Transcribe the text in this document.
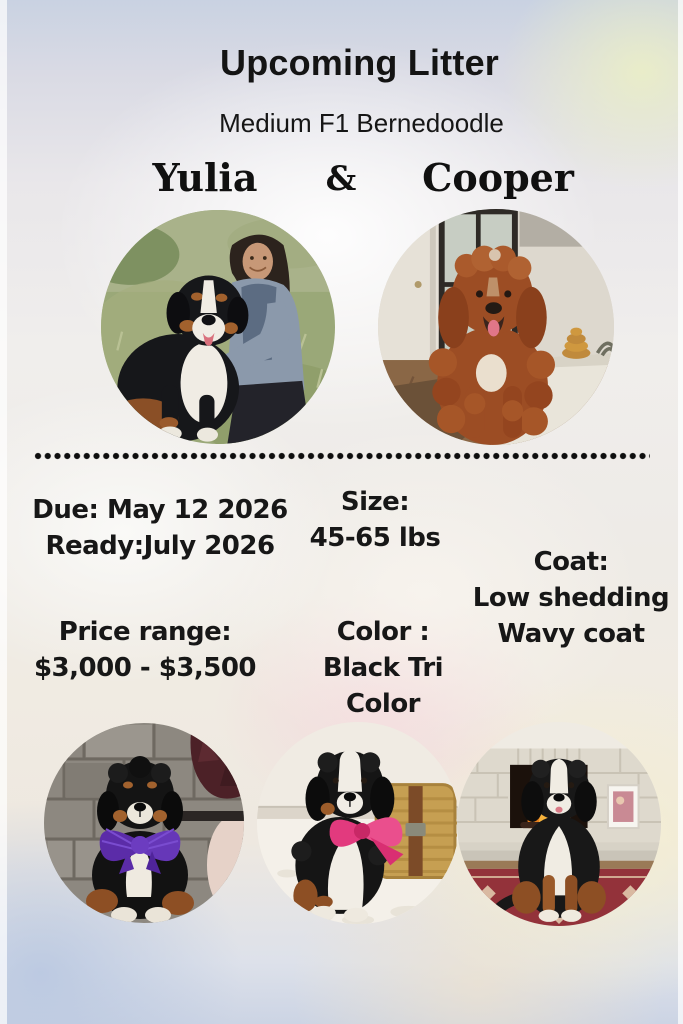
Upcoming Litter
Medium F1 Bernedoodle
Yulia	&	Cooper
Due: May 12 2026
Ready:July 2026
Size:
45-65 lbs
Coat:
Low shedding
Wavy coat
Price range:
$3,000 - $3,500
Color :
Black Tri Color
